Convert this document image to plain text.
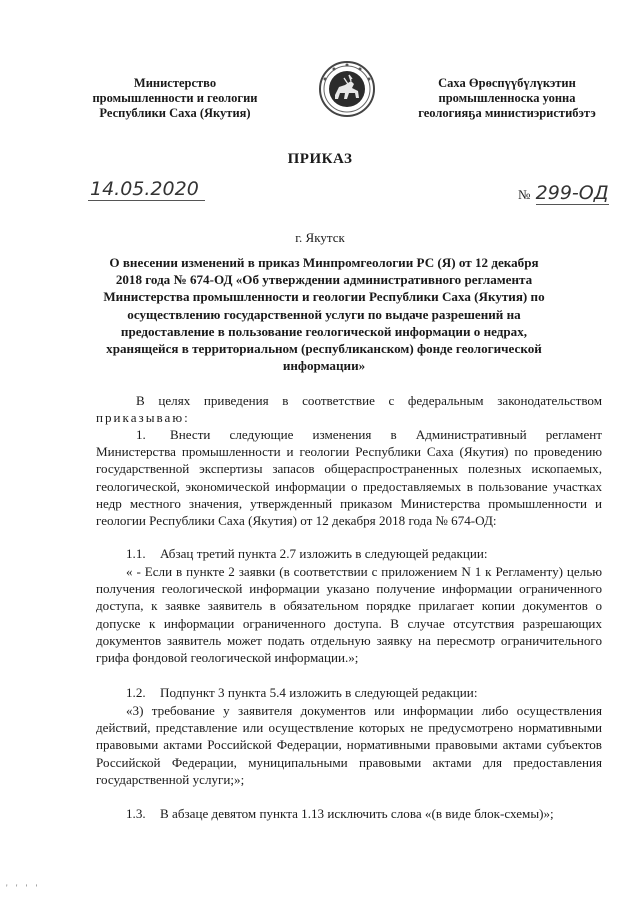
Министерство
промышленности и геологии
Республики Саха (Якутия)
Саха Өрөспүүбүлүкэтин
промышленноска уонна
геологияҕа министиэристибэтэ
ПРИКАЗ
14.05.2020	№ 299-ОД
г. Якутск
О внесении изменений в приказ Минпромгеологии РС (Я) от 12 декабря 2018 года № 674-ОД «Об утверждении административного регламента Министерства промышленности и геологии Республики Саха (Якутия) по осуществлению государственной услуги по выдаче разрешений на предоставление в пользование геологической информации о недрах, хранящейся в территориальном (республиканском) фонде геологической информации»

В целях приведения в соответствие с федеральным законодательством
приказываю:

1. Внести следующие изменения в Административный регламент Министерства промышленности и геологии Республики Саха (Якутия) по проведению государственной экспертизы запасов общераспространенных полезных ископаемых, геологической, экономической информации о предоставляемых в пользование участках недр местного значения, утвержденный приказом Министерства промышленности и геологии Республики Саха (Якутия) от 12 декабря 2018 года № 674-ОД:

1.1. Абзац третий пункта 2.7 изложить в следующей редакции:

« - Если в пункте 2 заявки (в соответствии с приложением N 1 к Регламенту) целью получения геологической информации указано получение информации ограниченного доступа, к заявке заявитель в обязательном порядке прилагает копии документов о допуске к информации ограниченного доступа. В случае отсутствия разрешающих документов заявитель может подать отдельную заявку на пересмотр ограничительного грифа фондовой геологической информации.»;

1.2. Подпункт 3 пункта 5.4 изложить в следующей редакции:

«3) требование у заявителя документов или информации либо осуществления действий, представление или осуществление которых не предусмотрено нормативными правовыми актами Российской Федерации, нормативными правовыми актами субъектов Российской Федерации, муниципальными правовыми актами для предоставления государственной услуги;»;

1.3. В абзаце девятом пункта 1.13 исключить слова «(в виде блок-схемы)»;

' ' ' '
